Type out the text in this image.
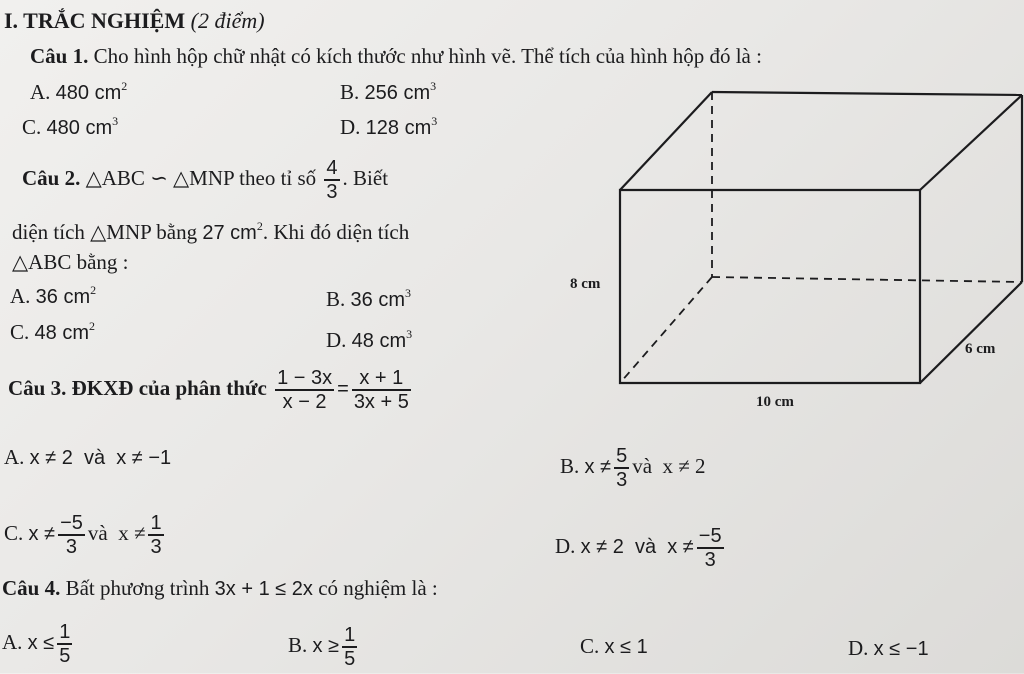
I. TRẮC NGHIỆM (2 điểm)
Câu 1. Cho hình hộp chữ nhật có kích thước như hình vẽ. Thể tích của hình hộp đó là :
A. 480 $cm^2$	B. 256 $cm^3$
C. 480 $cm^3$	D. 128 $cm^3$
Câu 2. △ABC ∽ △MNP theo tỉ số $\frac{4}{3}$ . Biết
diện tích △MNP bằng 27 $cm^2$. Khi đó diện tích
△ABC bằng :
A. 36 $cm^2$	B. 36 $cm^3$
C. 48 $cm^2$
D. 48 $cm^3$
Câu 3. ĐKXĐ của phân thức $\frac{1 - 3x}{x - 2} = \frac{x + 1}{3x + 5}$
A. x ≠ 2  và  x ≠ −1	B. $x \ne \frac{5}{3}$ và  x ≠ 2
C. $x \ne \frac{-5}{3}$ và  $x \ne \frac{1}{3}$	D. x ≠ 2  và  $x \ne \frac{-5}{3}$
Câu 4. Bất phương trình 3x + 1 ≤ 2x có nghiệm là :
A. $x \le \frac{1}{5}$	B. $x \ge \frac{1}{5}$	C. x ≤ 1	D. x ≤ −1
8 cm
6 cm
10 cm
